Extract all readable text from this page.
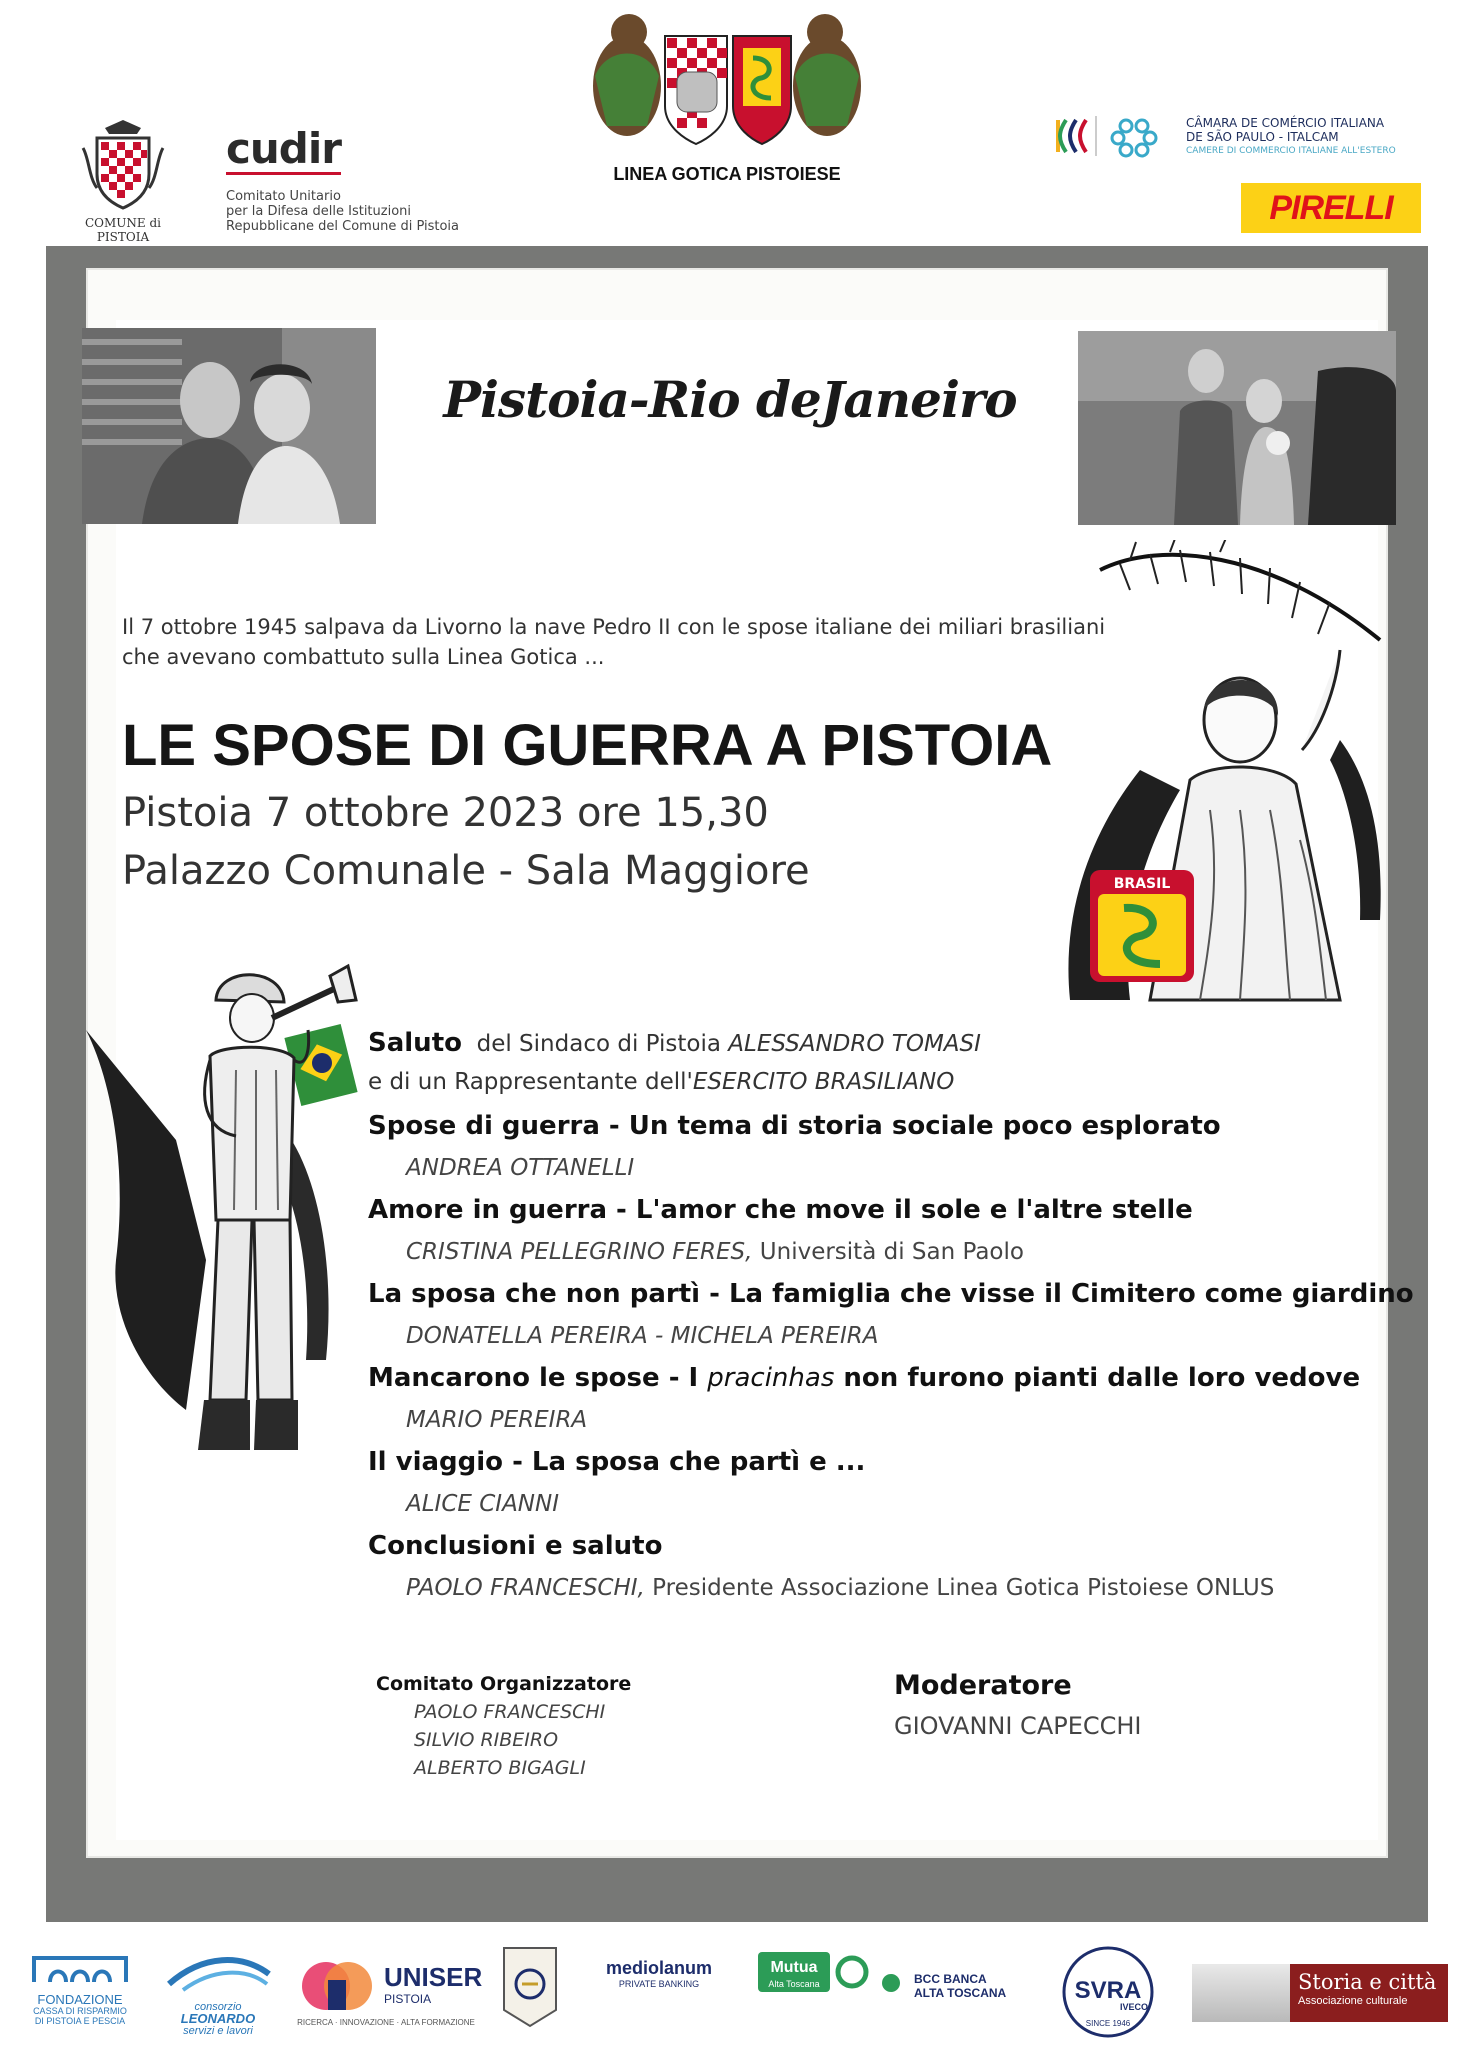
COMUNE di PISTOIA
cudir
Comitato Unitario
per la Difesa delle Istituzioni
Repubblicane del Comune di Pistoia
LINEA GOTICA PISTOIESE
CÂMARA DE COMÉRCIO ITALIANA
DE SÃO PAULO - ITALCAM
CAMERE DI COMMERCIO ITALIANE ALL'ESTERO
PIRELLI
Pistoia-Rio deJaneiro
Il 7 ottobre 1945 salpava da Livorno la nave Pedro II con le spose italiane dei miliari brasiliani
che avevano combattuto sulla Linea Gotica ...
LE SPOSE DI GUERRA A PISTOIA
Pistoia 7 ottobre 2023 ore 15,30
Palazzo Comunale - Sala Maggiore	BRASIL
Saluto del Sindaco di Pistoia ALESSANDRO TOMASI
e di un Rappresentante dell'ESERCITO BRASILIANO
Spose di guerra - Un tema di storia sociale poco esplorato
ANDREA OTTANELLI
Amore in guerra - L'amor che move il sole e l'altre stelle
CRISTINA PELLEGRINO FERES, Università di San Paolo
La sposa che non partì - La famiglia che visse il Cimitero come giardino
DONATELLA PEREIRA - MICHELA PEREIRA
Mancarono le spose - I pracinhas non furono pianti dalle loro vedove
MARIO PEREIRA
Il viaggio - La sposa che partì e ...
ALICE CIANNI
Conclusioni e saluto
PAOLO FRANCESCHI, Presidente Associazione Linea Gotica Pistoiese ONLUS
Comitato Organizzatore
PAOLO FRANCESCHI
SILVIO RIBEIRO
ALBERTO BIGAGLI
Moderatore
GIOVANNI CAPECCHI
FONDAZIONE
CASSA DI RISPARMIO
DI PISTOIA E PESCIA
consorzio
LEONARDO
servizi e lavori
UNISER
PISTOIA
RICERCA · INNOVAZIONE · ALTA FORMAZIONE
mediolanum
PRIVATE BANKING
Mutua
Alta Toscana	BCC BANCA
ALTA TOSCANA	SVRA
IVECO
SINCE 1946
Storia e città
Associazione culturale
